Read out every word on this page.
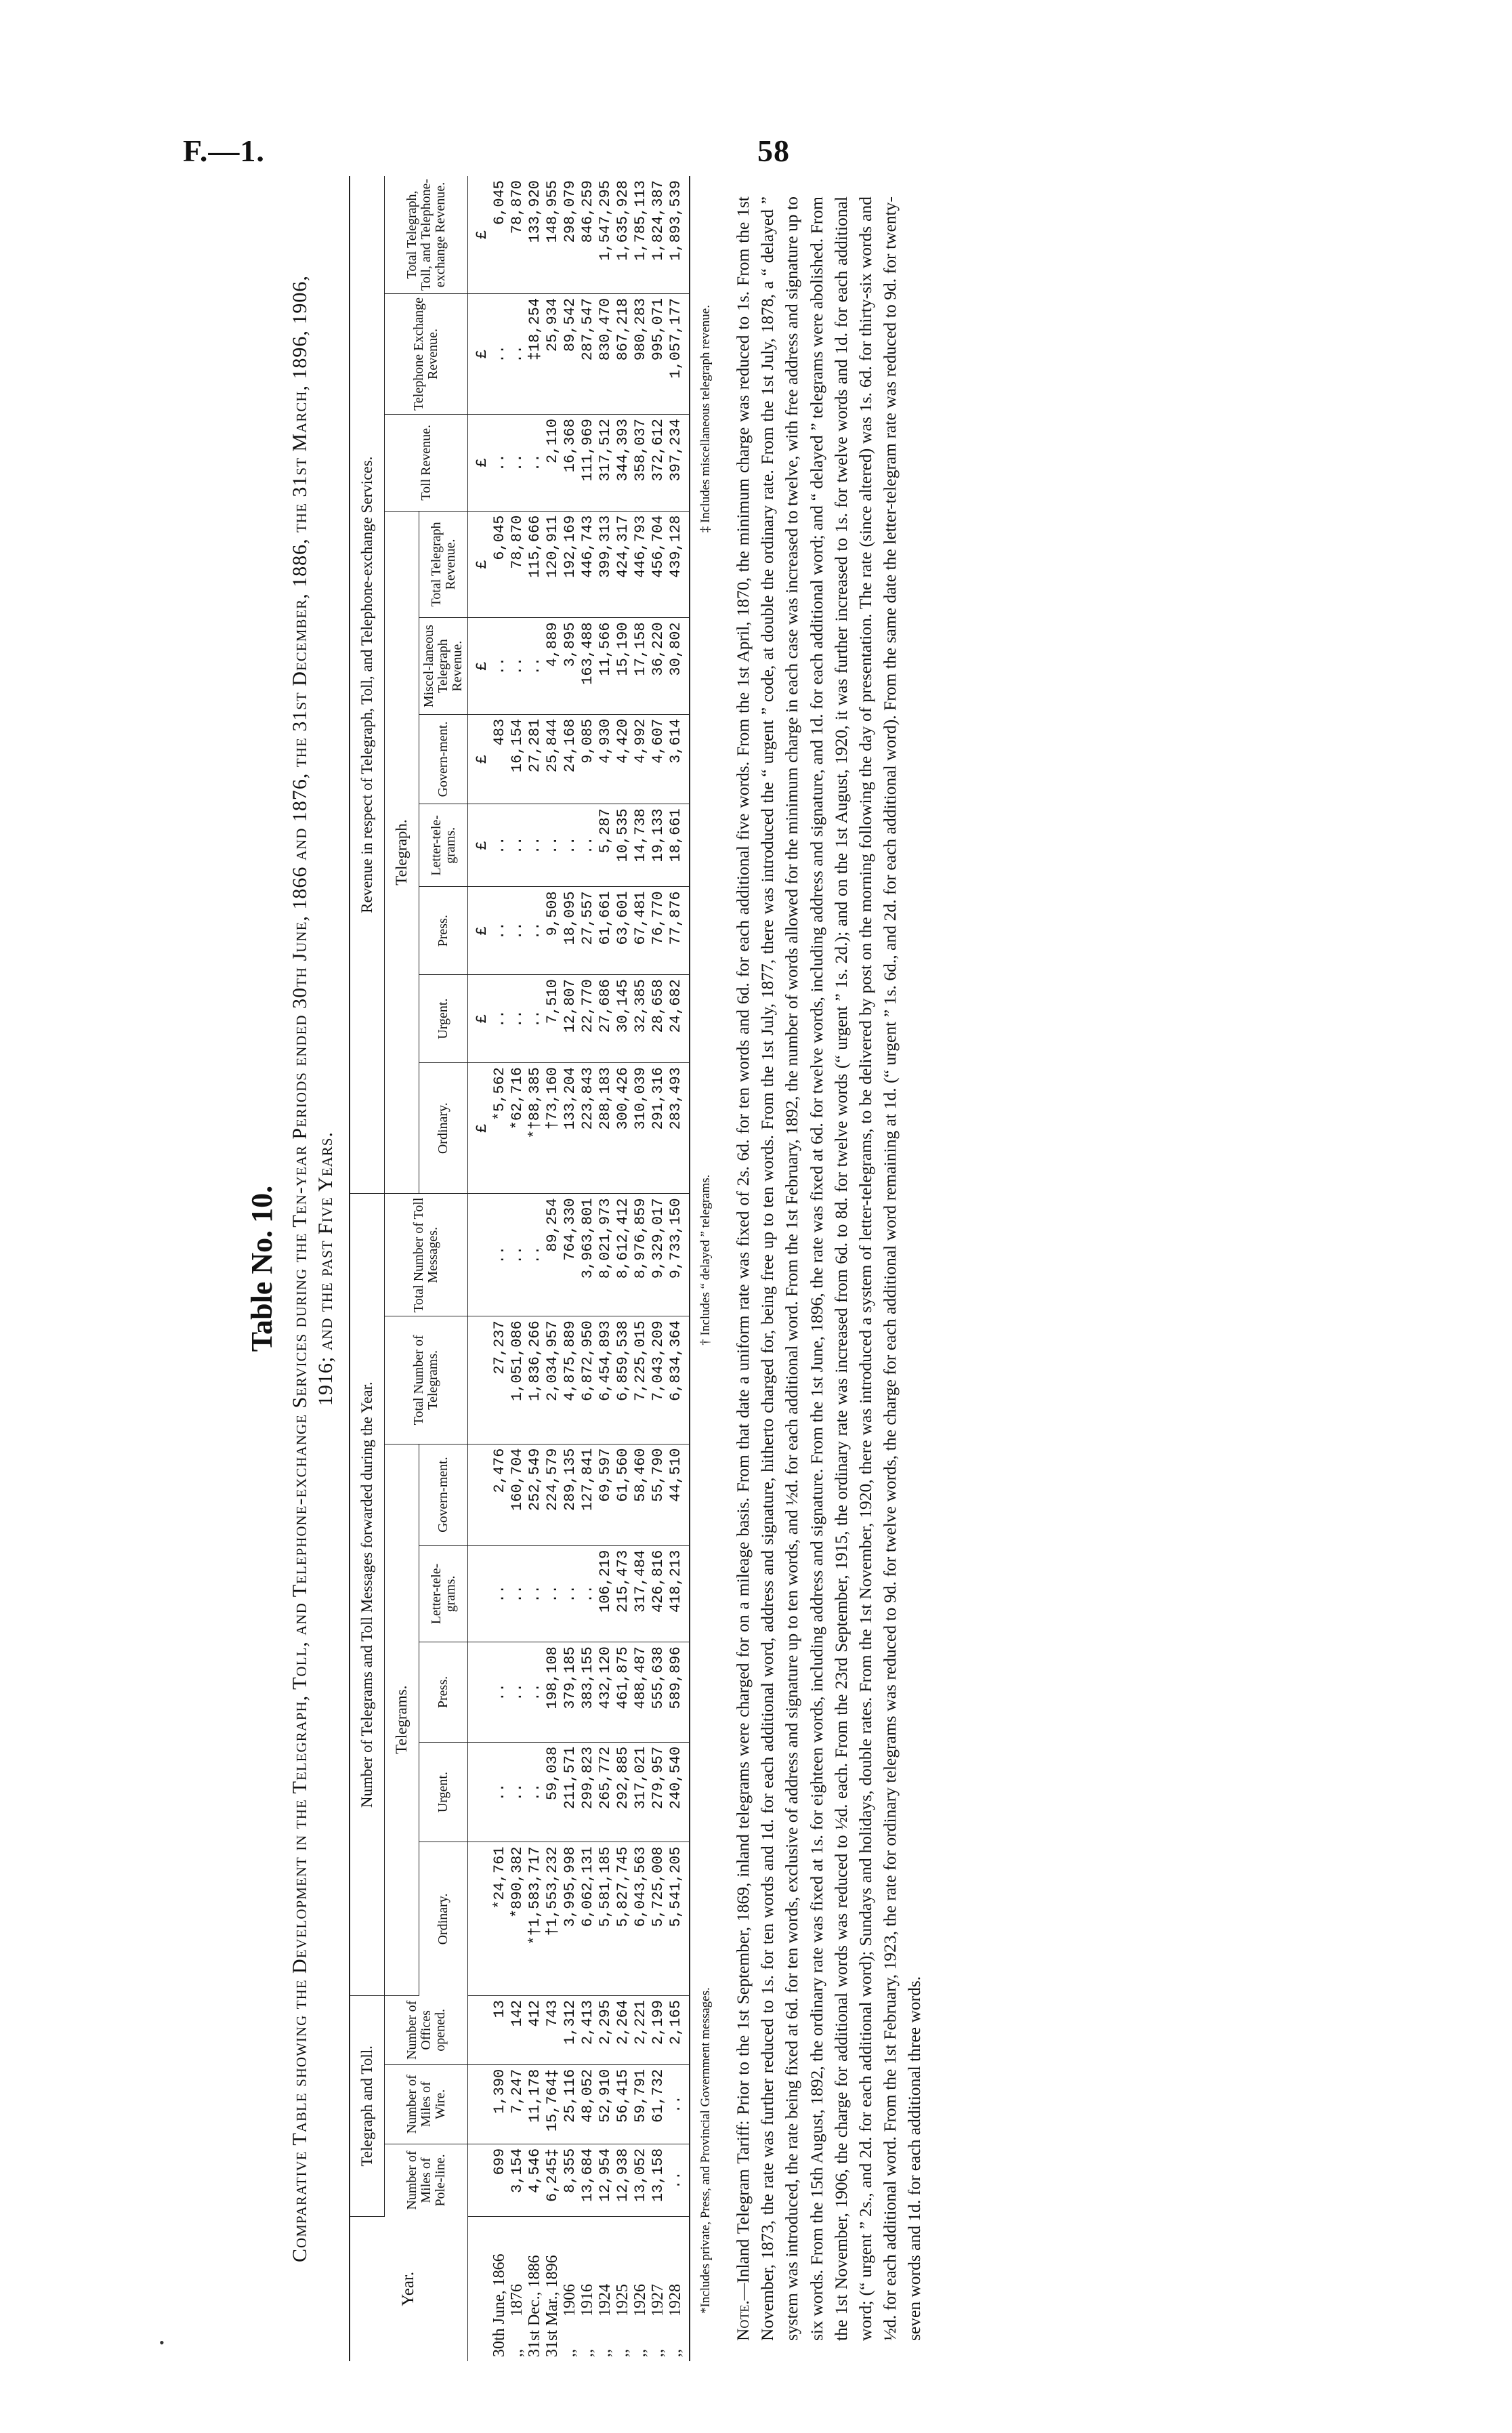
F.—1.	58
•
Table No. 10. Comparative Table showing the Development in the Telegraph, Toll, and Telephone-exchange Services during the Ten-year Periods ended 30th June, 1866 and 1876, the 31st December, 1886, the 31st March, 1896, 1906, 1916; and the past Five Years.
Year.	Telegraph and Toll.			Number of Telegrams and Toll Messages forwarded during the Year.							Revenue in respect of Telegraph, Toll, and Telephone-exchange Services.									
	Number of Miles of Pole-line.	Number of Miles of Wire.	Number of Offices opened.	Telegrams.					Total Number of Telegrams.	Total Number of Toll Messages.	Telegraph.							Toll Revenue.	Telephone Exchange Revenue.	Total Telegraph, Toll, and Telephone-exchange Revenue.
				Ordinary.	Urgent.	Press.	Letter-tele-grams.	Govern-ment.			Ordinary.	Urgent.	Press.	Letter-tele-grams.	Govern-ment.	Miscel-laneous Telegraph Revenue.	Total Telegraph Revenue.			
											£	£	£	£	£	£	£	£	£	£
30th June, 1866	699	1,390	13	*24,761	..	..	..	2,476	27,237	..	*5,562	..	..	..	483	..	6,045	..	..	6,045
,,        1876	3,154	7,247	142	*890,382	..	..	..	160,704	1,051,086	..	*62,716	..	..	..	16,154	..	78,870	..	..	78,870
31st Dec., 1886	4,546	11,178	412	*†1,583,717	..	..	..	252,549	1,836,266	..	*†88,385	..	..	..	27,281	..	115,666	..	‡18,254	133,920
31st Mar., 1896	6,245‡	15,764‡	743	†1,553,232	59,038	198,108	..	224,579	2,034,957	89,254	†73,160	7,510	9,508	..	25,844	4,889	120,911	2,110	25,934	148,955
,,        1906	8,355	25,116	1,312	3,995,998	211,571	379,185	..	289,135	4,875,889	764,330	133,204	12,807	18,095	..	24,168	3,895	192,169	16,368	89,542	298,079
,,        1916	13,684	48,052	2,413	6,062,131	299,823	383,155	..	127,841	6,872,950	3,963,801	223,843	22,770	27,557	..	9,085	163,488	446,743	111,969	287,547	846,259
,,        1924	12,954	52,910	2,295	5,581,185	265,772	432,120	106,219	69,597	6,454,893	8,021,973	288,183	27,686	61,661	5,287	4,930	11,566	399,313	317,512	830,470	1,547,295
,,        1925	12,938	56,415	2,264	5,827,745	292,885	461,875	215,473	61,560	6,859,538	8,612,412	300,426	30,145	63,601	10,535	4,420	15,190	424,317	344,393	867,218	1,635,928
,,        1926	13,052	59,791	2,221	6,043,563	317,021	488,487	317,484	58,460	7,225,015	8,976,859	310,039	32,385	67,481	14,738	4,992	17,158	446,793	358,037	980,283	1,785,113
,,        1927	13,158	61,732	2,199	5,725,008	279,957	555,638	426,816	55,790	7,043,209	9,329,017	291,316	28,658	76,770	19,133	4,607	36,220	456,704	372,612	995,071	1,824,387
,,        1928	..	..	2,165	5,541,205	240,540	589,896	418,213	44,510	6,834,364	9,733,150	283,493	24,682	77,876	18,661	3,614	30,802	439,128	397,234	1,057,177	1,893,539
*Includes private, Press, and Provincial Government messages.
† Includes “ delayed ” telegrams.
‡ Includes miscellaneous telegraph revenue.
Note.—Inland Telegram Tariff: Prior to the 1st September, 1869, inland telegrams were charged for on a mileage basis. From that date a uniform rate was fixed of 2s. 6d. for ten words and 6d. for each additional five words. From the 1st April, 1870, the minimum charge was reduced to 1s. From the 1st November, 1873, the rate was further reduced to 1s. for ten words and 1d. for each additional word, address and signature, hitherto charged for, being free up to ten words. From the 1st July, 1877, there was introduced the “ urgent ” code, at double the ordinary rate. From the 1st July, 1878, a “ delayed ” system was introduced, the rate being fixed at 6d. for ten words, exclusive of address and signature up to ten words, and ½d. for each additional word. From the 1st February, 1892, the number of words allowed for the minimum charge in each case was increased to twelve, with free address and signature up to six words. From the 15th August, 1892, the ordinary rate was fixed at 1s. for eighteen words, including address and signature. From the 1st June, 1896, the rate was fixed at 6d. for twelve words, including address and signature, and 1d. for each additional word; and “ delayed ” telegrams were abolished. From the 1st November, 1906, the charge for additional words was reduced to ½d. each. From the 23rd September, 1915, the ordinary rate was increased from 6d. to 8d. for twelve words (“ urgent ” 1s. 2d.); and on the 1st August, 1920, it was further increased to 1s. for twelve words and 1d. for each additional word; (“ urgent ” 2s., and 2d. for each additional word); Sundays and holidays, double rates. From the 1st November, 1920, there was introduced a system of letter-telegrams, to be delivered by post on the morning following the day of presentation. The rate (since altered) was 1s. 6d. for thirty-six words and ½d. for each additional word. From the 1st February, 1923, the rate for ordinary telegrams was reduced to 9d. for twelve words, the charge for each additional word remaining at 1d. (“ urgent ” 1s. 6d., and 2d. for each additional word). From the same date the letter-telegram rate was reduced to 9d. for twenty-seven words and 1d. for each additional three words.
